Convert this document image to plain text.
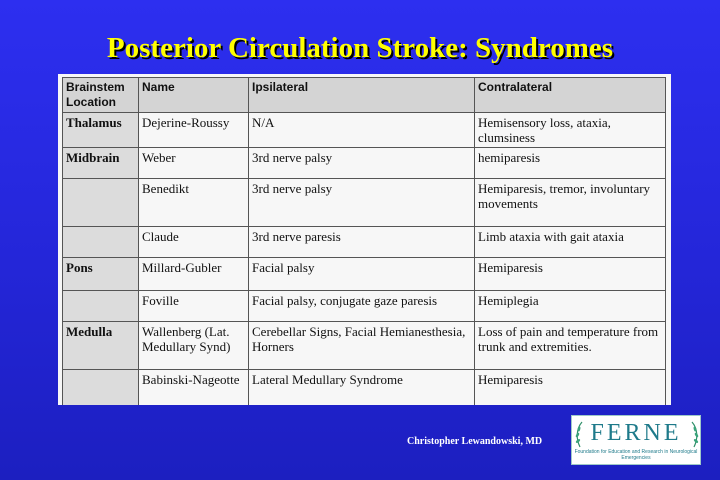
Posterior Circulation Stroke: Syndromes
Brainstem Location	Name	Ipsilateral	Contralateral
Thalamus	Dejerine-Roussy	N/A	Hemisensory loss, ataxia, clumsiness
Midbrain	Weber	3rd nerve palsy	hemiparesis
	Benedikt	3rd nerve palsy	Hemiparesis, tremor, involuntary movements
	Claude	3rd nerve paresis	Limb ataxia with gait ataxia
Pons	Millard-Gubler	Facial palsy	Hemiparesis
	Foville	Facial palsy, conjugate gaze paresis	Hemiplegia
Medulla	Wallenberg (Lat. Medullary Synd)	Cerebellar Signs, Facial Hemianesthesia, Horners	Loss of pain and temperature from trunk and extremities.
	Babinski-Nageotte	Lateral Medullary Syndrome	Hemiparesis
Christopher Lewandowski, MD	FERNE
Foundation for Education and Research in Neurological Emergencies
